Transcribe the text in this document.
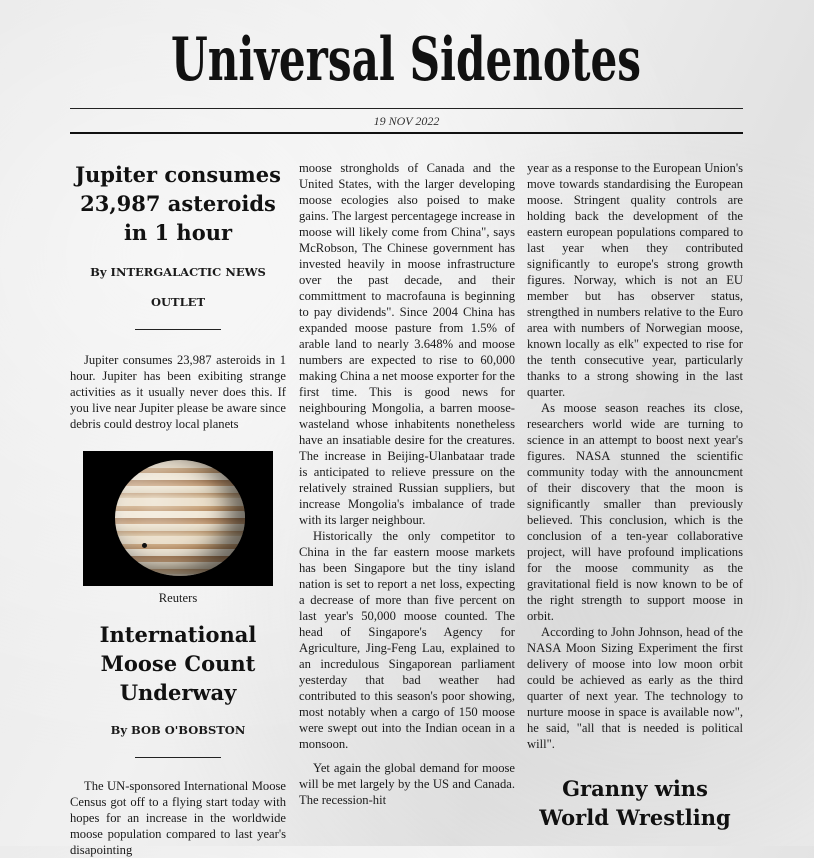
Universal Sidenotes
19 NOV 2022
Jupiter consumes 23,987 asteroids in 1 hour
By INTERGALACTIC NEWS OUTLET

Jupiter consumes 23,987 asteroids in 1 hour. Jupiter has been exibiting strange activities as it usually never does this. If you live near Jupiter please be aware since debris could destroy local planets

Reuters
International Moose Count Underway
By BOB O'BOBSTON

The UN-sponsored International Moose Census got off to a flying start today with hopes for an increase in the worldwide moose population compared to last year's disapointing

moose strongholds of Canada and the United States, with the larger developing moose ecologies also poised to make gains. The largest percentagege increase in moose will likely come from China", says McRobson, The Chinese government has invested heavily in moose infrastructure over the past decade, and their committment to macrofauna is beginning to pay dividends". Since 2004 China has expanded moose pasture from 1.5% of arable land to nearly 3.648% and moose numbers are expected to rise to 60,000 making China a net moose exporter for the first time. This is good news for neighbouring Mongolia, a barren moose-wasteland whose inhabitents nonetheless have an insatiable desire for the creatures. The increase in Beijing-Ulanbataar trade is anticipated to relieve pressure on the relatively strained Russian suppliers, but increase Mongolia's imbalance of trade with its larger neighbour.

Historically the only competitor to China in the far eastern moose markets has been Singapore but the tiny island nation is set to report a net loss, expecting a decrease of more than five percent on last year's 50,000 moose counted. The head of Singapore's Agency for Agriculture, Jing-Feng Lau, explained to an incredulous Singaporean parliament yesterday that bad weather had contributed to this season's poor showing, most notably when a cargo of 150 moose were swept out into the Indian ocean in a monsoon.

Yet again the global demand for moose will be met largely by the US and Canada. The recession-hit

year as a response to the European Union's move towards standardising the European moose. Stringent quality controls are holding back the development of the eastern european populations compared to last year when they contributed significantly to europe's strong growth figures. Norway, which is not an EU member but has observer status, strengthed in numbers relative to the Euro area with numbers of Norwegian moose, known locally as elk" expected to rise for the tenth consecutive year, particularly thanks to a strong showing in the last quarter.

As moose season reaches its close, researchers world wide are turning to science in an attempt to boost next year's figures. NASA stunned the scientific community today with the announcment of their discovery that the moon is significantly smaller than previously believed. This conclusion, which is the conclusion of a ten-year collaborative project, will have profound implications for the moose community as the gravitational field is now known to be of the right strength to support moose in orbit.

According to John Johnson, head of the NASA Moon Sizing Experiment the first delivery of moose into low moon orbit could be achieved as early as the third quarter of next year. The technology to nurture moose in space is available now", he said, "all that is needed is political will".

Granny wins World Wrestling
